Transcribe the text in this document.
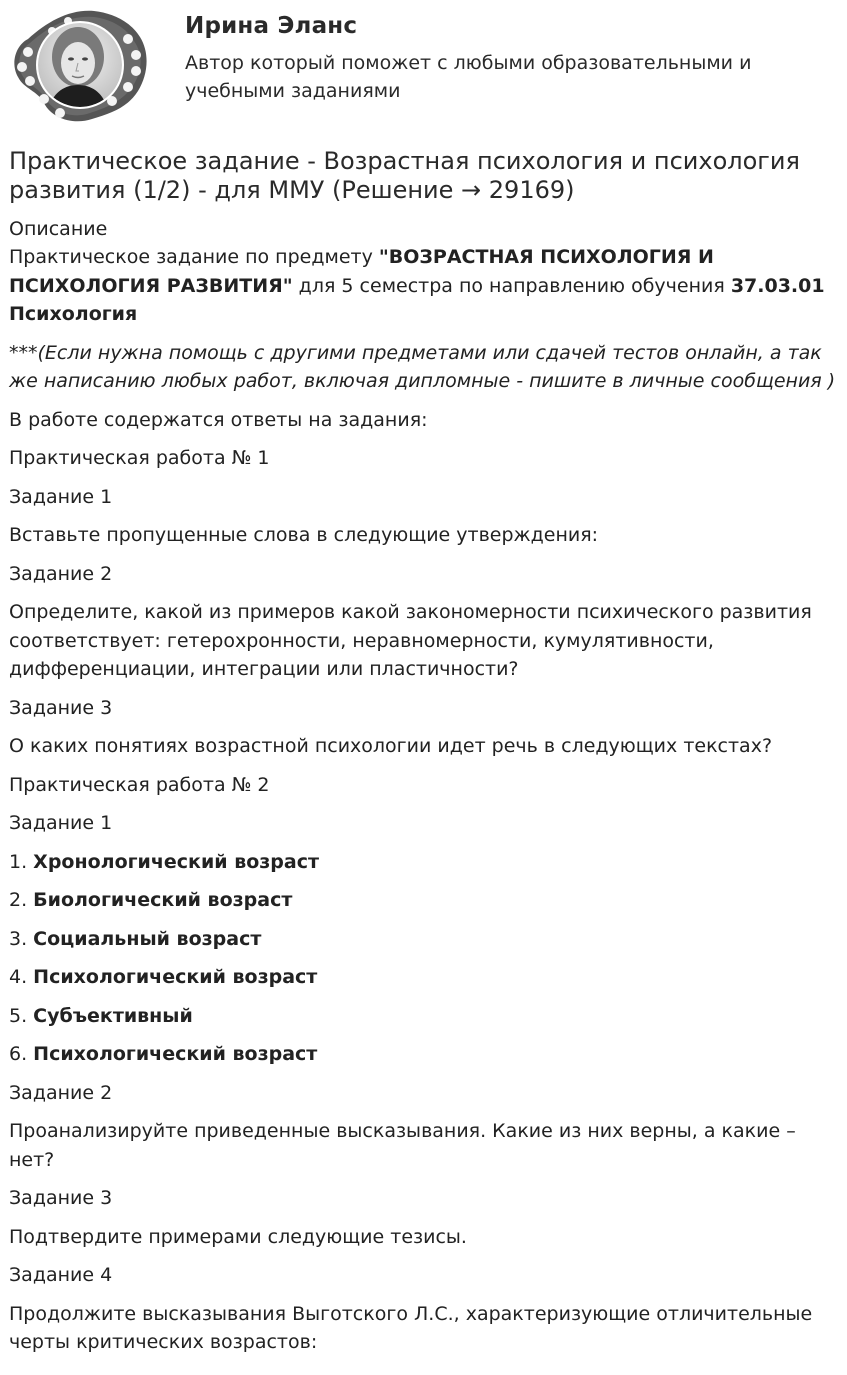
Ирина Эланс

Автор который поможет с любыми образовательными и учебными заданиями

Практическое задание - Возрастная психология и психология развития (1/2) - для ММУ (Решение → 29169)
Описание

Практическое задание по предмету "ВОЗРАСТНАЯ ПСИХОЛОГИЯ И ПСИХОЛОГИЯ РАЗВИТИЯ" для 5 семестра по направлению обучения 37.03.01 Психология

***(Если нужна помощь с другими предметами или сдачей тестов онлайн, а так же написанию любых работ, включая дипломные - пишите в личные сообщения )

В работе содержатся ответы на задания:

Практическая работа № 1

Задание 1

Вставьте пропущенные слова в следующие утверждения:

Задание 2

Определите, какой из примеров какой закономерности психического развития соответствует: гетерохронности, неравномерности, кумулятивности, дифференциации, интеграции или пластичности?

Задание 3

О каких понятиях возрастной психологии идет речь в следующих текстах?

Практическая работа № 2

Задание 1

1. Хронологический возраст

2. Биологический возраст

3. Социальный возраст

4. Психологический возраст

5. Субъективный

6. Психологический возраст

Задание 2

Проанализируйте приведенные высказывания. Какие из них верны, а какие – нет?

Задание 3

Подтвердите примерами следующие тезисы.

Задание 4

Продолжите высказывания Выготского Л.С., характеризующие отличительные черты критических возрастов:
